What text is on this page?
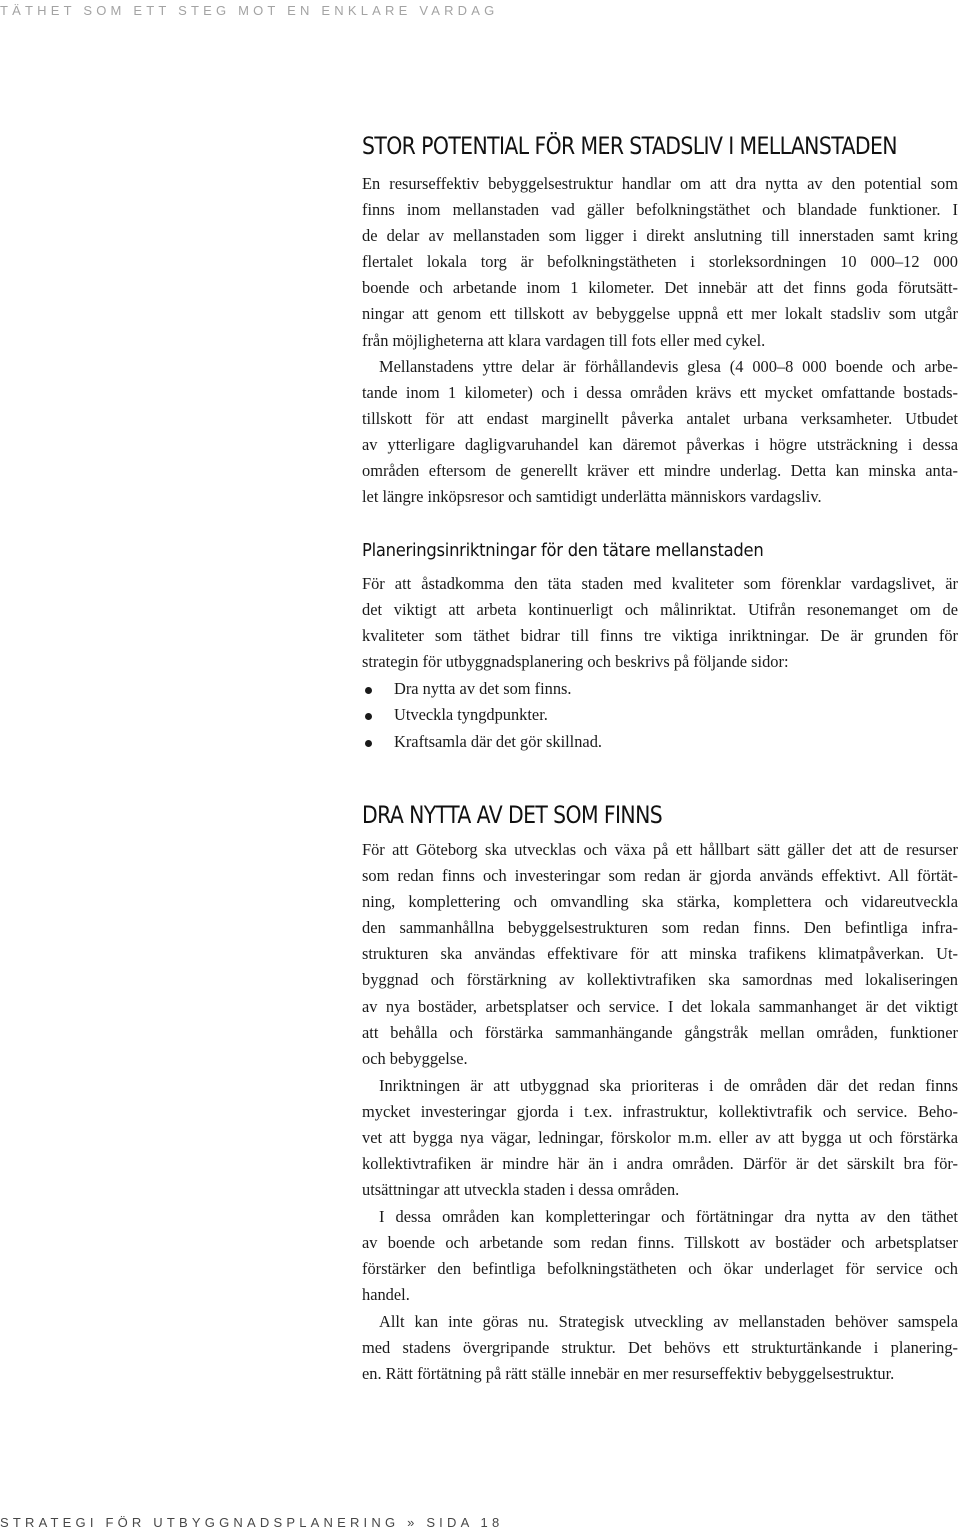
TÄTHET SOM ETT STEG MOT EN ENKLARE VARDAG
STOR POTENTIAL FÖR MER STADSLIV I MELLANSTADEN
En resurseffektiv bebyggelsestruktur handlar om att dra nytta av den potential som
finns inom mellanstaden vad gäller befolkningstäthet och blandade funktioner. I
de delar av mellanstaden som ligger i direkt anslutning till innerstaden samt kring
flertalet lokala torg är befolkningstätheten i storleksordningen 10 000–12 000
boende och arbetande inom 1 kilometer. Det innebär att det finns goda förutsätt-
ningar att genom ett tillskott av bebyggelse uppnå ett mer lokalt stadsliv som utgår
från möjligheterna att klara vardagen till fots eller med cykel.
Mellanstadens yttre delar är förhållandevis glesa (4 000–8 000 boende och arbe-
tande inom 1 kilometer) och i dessa områden krävs ett mycket omfattande bostads-
tillskott för att endast marginellt påverka antalet urbana verksamheter. Utbudet
av ytterligare dagligvaruhandel kan däremot påverkas i högre utsträckning i dessa
områden eftersom de generellt kräver ett mindre underlag. Detta kan minska anta-
let längre inköpsresor och samtidigt underlätta människors vardagsliv.
Planeringsinriktningar för den tätare mellanstaden
För att åstadkomma den täta staden med kvaliteter som förenklar vardagslivet, är
det viktigt att arbeta kontinuerligt och målinriktat. Utifrån resonemanget om de
kvaliteter som täthet bidrar till finns tre viktiga inriktningar. De är grunden för
strategin för utbyggnadsplanering och beskrivs på följande sidor:
Dra nytta av det som finns.
Utveckla tyngdpunkter.
Kraftsamla där det gör skillnad.
DRA NYTTA AV DET SOM FINNS
För att Göteborg ska utvecklas och växa på ett hållbart sätt gäller det att de resurser
som redan finns och investeringar som redan är gjorda används effektivt. All förtät-
ning, komplettering och omvandling ska stärka, komplettera och vidareutveckla
den sammanhållna bebyggelsestrukturen som redan finns. Den befintliga infra-
strukturen ska användas effektivare för att minska trafikens klimatpåverkan. Ut-
byggnad och förstärkning av kollektivtrafiken ska samordnas med lokaliseringen
av nya bostäder, arbetsplatser och service. I det lokala sammanhanget är det viktigt
att behålla och förstärka sammanhängande gångstråk mellan områden, funktioner
och bebyggelse.
Inriktningen är att utbyggnad ska prioriteras i de områden där det redan finns
mycket investeringar gjorda i t.ex. infrastruktur, kollektivtrafik och service. Beho-
vet att bygga nya vägar, ledningar, förskolor m.m. eller av att bygga ut och förstärka
kollektivtrafiken är mindre här än i andra områden. Därför är det särskilt bra för-
utsättningar att utveckla staden i dessa områden.
I dessa områden kan kompletteringar och förtätningar dra nytta av den täthet
av boende och arbetande som redan finns. Tillskott av bostäder och arbetsplatser
förstärker den befintliga befolkningstätheten och ökar underlaget för service och
handel.
Allt kan inte göras nu. Strategisk utveckling av mellanstaden behöver samspela
med stadens övergripande struktur. Det behövs ett strukturtänkande i planering-
en. Rätt förtätning på rätt ställe innebär en mer resurseffektiv bebyggelsestruktur.
STRATEGI FÖR UTBYGGNADSPLANERING » SIDA 18
